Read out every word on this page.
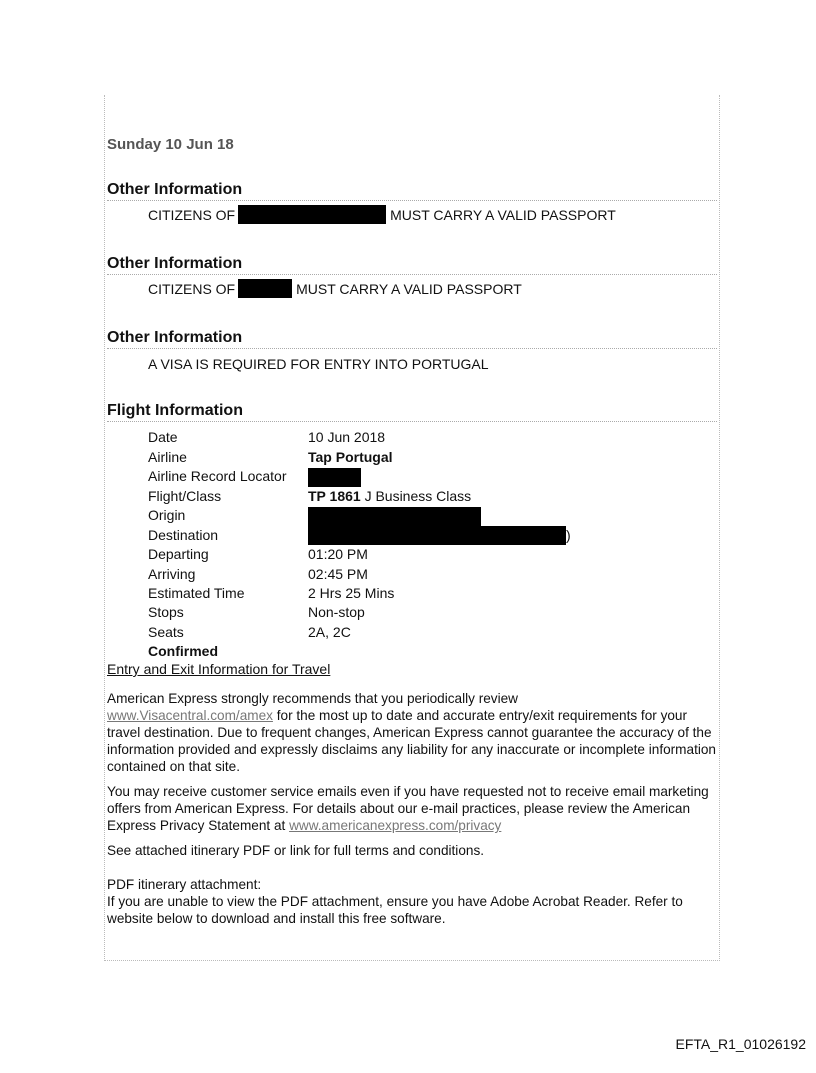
Sunday 10 Jun 18
Other Information
CITIZENS OF	MUST CARRY A VALID PASSPORT
Other Information
CITIZENS OF	MUST CARRY A VALID PASSPORT
Other Information
A VISA IS REQUIRED FOR ENTRY INTO PORTUGAL
Flight Information
Date	10 Jun 2018
Airline	Tap Portugal
Airline Record Locator
Flight/Class	TP 1861 J Business Class
Origin
Destination	)
Departing	01:20 PM
Arriving	02:45 PM
Estimated Time	2 Hrs 25 Mins
Stops	Non-stop
Seats	2A, 2C
Confirmed
Entry and Exit Information for Travel
American Express strongly recommends that you periodically review
www.Visacentral.com/amex for the most up to date and accurate entry/exit requirements for your travel destination. Due to frequent changes, American Express cannot guarantee the accuracy of the information provided and expressly disclaims any liability for any inaccurate or incomplete information contained on that site.
You may receive customer service emails even if you have requested not to receive email marketing offers from American Express. For details about our e-mail practices, please review the American Express Privacy Statement at www.americanexpress.com/privacy
See attached itinerary PDF or link for full terms and conditions.
PDF itinerary attachment:
If you are unable to view the PDF attachment, ensure you have Adobe Acrobat Reader. Refer to website below to download and install this free software.
EFTA_R1_01026192
